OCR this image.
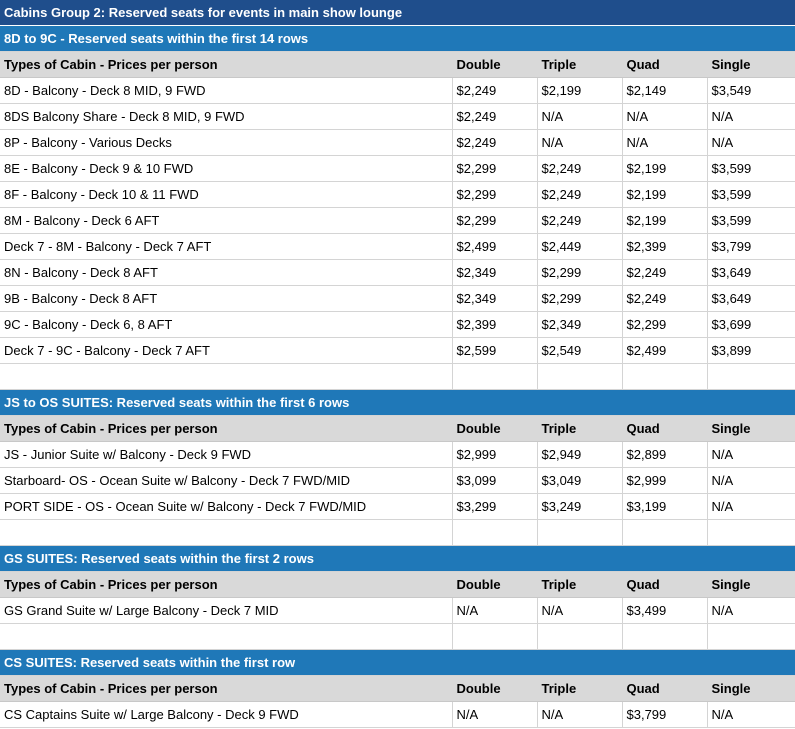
Cabins Group 2: Reserved seats for events in main show lounge				
8D to 9C - Reserved seats within the first 14 rows				
Types of Cabin - Prices per person	Double	Triple	Quad	Single
8D - Balcony - Deck 8 MID, 9 FWD	$2,249	$2,199	$2,149	$3,549
8DS Balcony Share - Deck 8 MID, 9 FWD	$2,249	N/A	N/A	N/A
8P - Balcony - Various Decks	$2,249	N/A	N/A	N/A
8E - Balcony - Deck 9 & 10 FWD	$2,299	$2,249	$2,199	$3,599
8F - Balcony - Deck 10 & 11 FWD	$2,299	$2,249	$2,199	$3,599
8M - Balcony - Deck 6 AFT	$2,299	$2,249	$2,199	$3,599
Deck 7 - 8M - Balcony - Deck 7 AFT	$2,499	$2,449	$2,399	$3,799
8N - Balcony - Deck 8 AFT	$2,349	$2,299	$2,249	$3,649
9B - Balcony - Deck 8 AFT	$2,349	$2,299	$2,249	$3,649
9C - Balcony - Deck 6, 8 AFT	$2,399	$2,349	$2,299	$3,699
Deck 7 - 9C - Balcony - Deck 7 AFT	$2,599	$2,549	$2,499	$3,899

JS to OS SUITES: Reserved seats within the first 6 rows				
Types of Cabin - Prices per person	Double	Triple	Quad	Single
JS - Junior Suite w/ Balcony - Deck 9 FWD	$2,999	$2,949	$2,899	N/A
Starboard- OS - Ocean Suite w/ Balcony - Deck 7 FWD/MID	$3,099	$3,049	$2,999	N/A
PORT SIDE - OS - Ocean Suite w/ Balcony - Deck 7 FWD/MID	$3,299	$3,249	$3,199	N/A

GS SUITES: Reserved seats within the first 2 rows				
Types of Cabin - Prices per person	Double	Triple	Quad	Single
GS Grand Suite w/ Large Balcony - Deck 7 MID	N/A	N/A	$3,499	N/A

CS SUITES: Reserved seats within the first row				
Types of Cabin - Prices per person	Double	Triple	Quad	Single
CS Captains Suite w/ Large Balcony - Deck 9 FWD	N/A	N/A	$3,799	N/A
